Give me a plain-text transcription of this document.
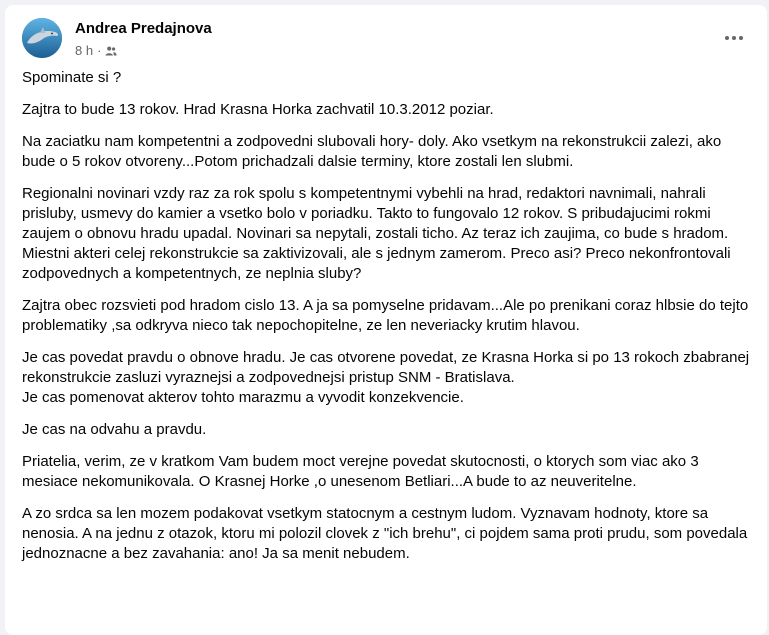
Andrea Predajnova
8 h ·

Spominate si ?

Zajtra to bude 13 rokov. Hrad Krasna Horka zachvatil 10.3.2012 poziar.

Na zaciatku nam kompetentni a zodpovedni slubovali hory- doly. Ako vsetkym na rekonstrukcii zalezi, ako bude o 5 rokov otvoreny...Potom prichadzali dalsie terminy, ktore zostali len slubmi.

Regionalni novinari vzdy raz za rok spolu s kompetentnymi vybehli na hrad, redaktori navnimali, nahrali prisluby, usmevy do kamier a vsetko bolo v poriadku. Takto to fungovalo 12 rokov. S pribudajucimi rokmi zaujem o obnovu hradu upadal. Novinari sa nepytali, zostali ticho. Az teraz ich zaujima, co bude s hradom. Miestni akteri celej rekonstrukcie sa zaktivizovali, ale s jednym zamerom. Preco asi? Preco nekonfrontovali zodpovednych a kompetentnych, ze neplnia sluby?

Zajtra obec rozsvieti pod hradom cislo 13. A ja sa pomyselne pridavam...Ale po prenikani coraz hlbsie do tejto problematiky ,sa odkryva nieco tak nepochopitelne, ze len neveriacky krutim hlavou.

Je cas povedat pravdu o obnove hradu. Je cas otvorene povedat, ze Krasna Horka si po 13 rokoch zbabranej rekonstrukcie zasluzi vyraznejsi a zodpovednejsi pristup SNM - Bratislava.
Je cas pomenovat akterov tohto marazmu a vyvodit konzekvencie.

Je cas na odvahu a pravdu.

Priatelia, verim, ze v kratkom Vam budem moct verejne povedat skutocnosti, o ktorych som viac ako 3 mesiace nekomunikovala. O Krasnej Horke ,o unesenom Betliari...A bude to az neuveritelne.

A zo srdca sa len mozem podakovat vsetkym statocnym a cestnym ludom. Vyznavam hodnoty, ktore sa nenosia. A na jednu z otazok, ktoru mi polozil clovek z "ich brehu", ci pojdem sama proti prudu, som povedala jednoznacne a bez zavahania: ano! Ja sa menit nebudem.
